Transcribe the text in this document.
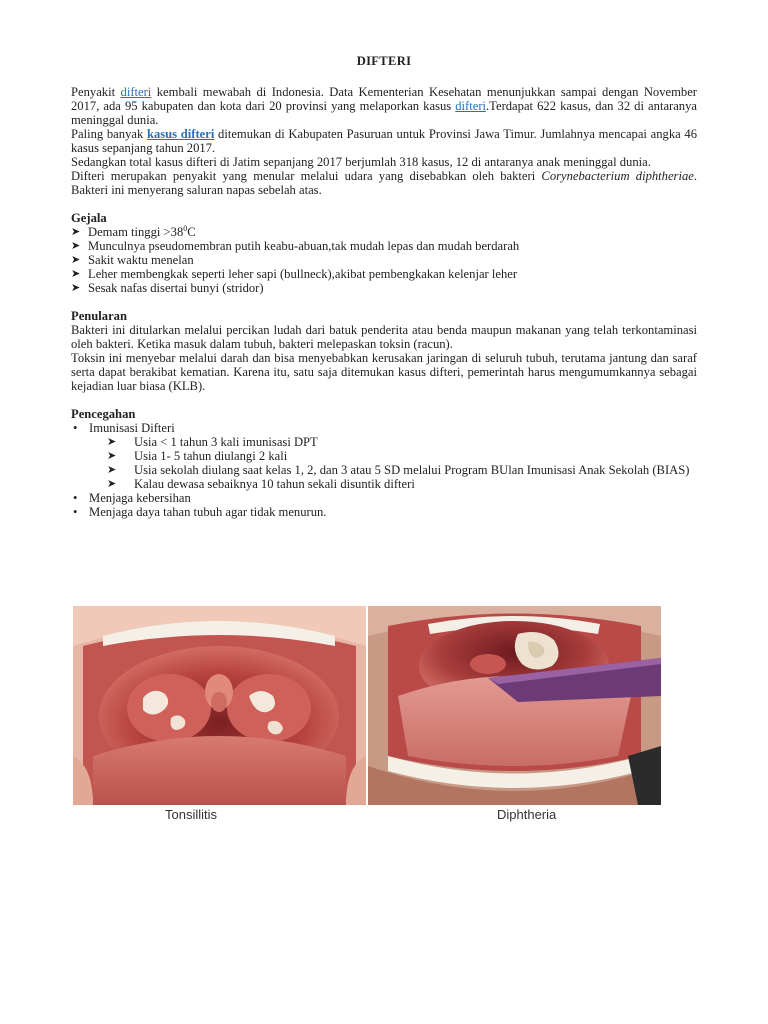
DIFTERI

Penyakit difteri kembali mewabah di Indonesia. Data Kementerian Kesehatan menunjukkan sampai dengan November 2017, ada 95 kabupaten dan kota dari 20 provinsi yang melaporkan kasus difteri.Terdapat 622 kasus, dan 32 di antaranya meninggal dunia.

Paling banyak kasus difteri ditemukan di Kabupaten Pasuruan untuk Provinsi Jawa Timur. Jumlahnya mencapai angka 46 kasus sepanjang tahun 2017.

Sedangkan total kasus difteri di Jatim sepanjang 2017 berjumlah 318 kasus, 12 di antaranya anak meninggal dunia.

Difteri merupakan penyakit yang menular melalui udara yang disebabkan oleh bakteri Corynebacterium diphtheriae. Bakteri ini menyerang saluran napas sebelah atas.

Gejala
➤ Demam tinggi $>38^0C$
➤ Munculnya pseudomembran putih keabu-abuan,tak mudah lepas dan mudah berdarah
➤ Sakit waktu menelan
➤ Leher membengkak seperti leher sapi (bullneck),akibat pembengkakan kelenjar leher
➤ Sesak nafas disertai bunyi (stridor)
Penularan

Bakteri ini ditularkan melalui percikan ludah dari batuk penderita atau benda maupun makanan yang telah terkontaminasi oleh bakteri. Ketika masuk dalam tubuh, bakteri melepaskan toksin (racun).

Toksin ini menyebar melalui darah dan bisa menyebabkan kerusakan jaringan di seluruh tubuh, terutama jantung dan saraf serta dapat berakibat kematian. Karena itu, satu saja ditemukan kasus difteri, pemerintah harus mengumumkannya sebagai kejadian luar biasa (KLB).

Pencegahan
• Imunisasi Difteri
➤ Usia < 1 tahun 3 kali imunisasi DPT
➤ Usia 1- 5 tahun diulangi 2 kali
➤ Usia sekolah diulang saat kelas 1, 2, dan 3 atau 5 SD melalui Program BUlan Imunisasi Anak Sekolah (BIAS)
➤ Kalau dewasa sebaiknya 10 tahun sekali disuntik difteri
• Menjaga kebersihan
• Menjaga daya tahan tubuh agar tidak menurun.
Tonsillitis	Diphtheria
